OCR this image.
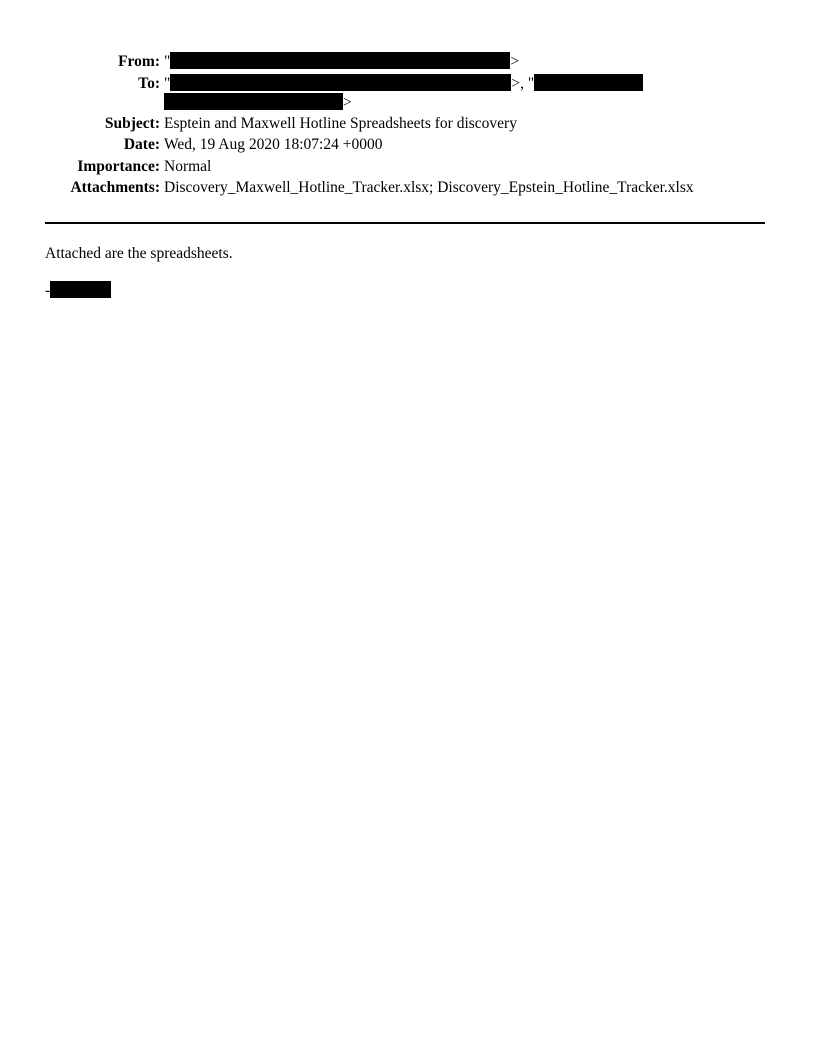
From: "	>
To: "	>, "
>
Subject: Esptein and Maxwell Hotline Spreadsheets for discovery
Date: Wed, 19 Aug 2020 18:07:24 +0000
Importance: Normal
Attachments: Discovery_Maxwell_Hotline_Tracker.xlsx; Discovery_Epstein_Hotline_Tracker.xlsx
Attached are the spreadsheets.
-
